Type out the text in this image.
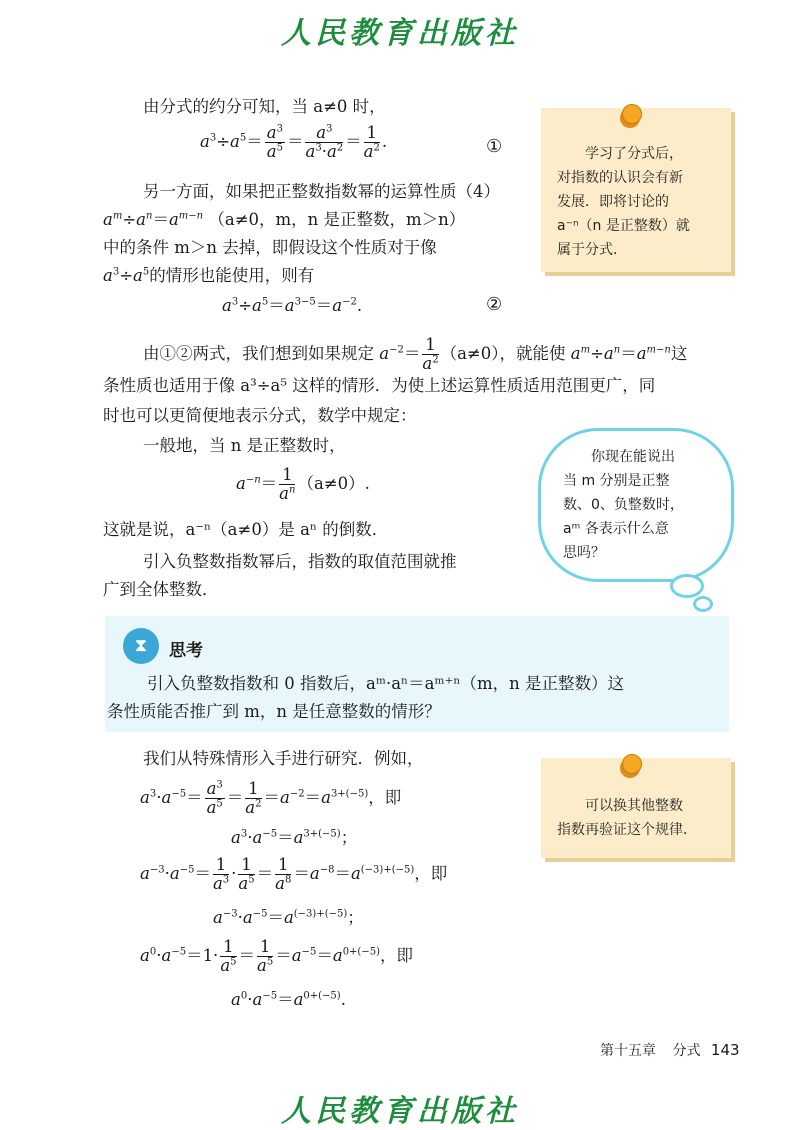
人民教育出版社
由分式的约分可知，当 a≠0 时，
$a^3\div a^5= \frac{a^3}{a^5} = \frac{a^3}{a^3\cdot a^2} = \frac{1}{a^2}$ .	①
另一方面，如果把正整数指数幂的运算性质（4）
$a^m\div a^n=a^{m-n}$ （a≠0，m，n 是正整数，m＞n）
中的条件 m＞n 去掉，即假设这个性质对于像
$a^3\div a^5$的情形也能使用，则有
$a^3\div a^5=a^{3-5}=a^{-2}$.	②
学习了分式后，
对指数的认识会有新
发展．即将讨论的
a⁻ⁿ（n 是正整数）就
属于分式．
由①②两式，我们想到如果规定 $a^{-2}= \frac{1}{a^2} (a\ne 0)$，就能使 $a^m\div a^n=a^{m-n}$这
条性质也适用于像 a³÷a⁵ 这样的情形．为使上述运算性质适用范围更广，同
时也可以更简便地表示分式，数学中规定：
一般地，当 n 是正整数时，
$a^{-n}= \frac{1}{a^n} (a\ne 0)$.
这就是说，a⁻ⁿ（a≠0）是 aⁿ 的倒数．
引入负整数指数幂后，指数的取值范围就推
广到全体整数．
你现在能说出
当 m 分别是正整
数、0、负整数时，
aᵐ 各表示什么意
思吗？
⧗	思考
引入负整数指数和 0 指数后，aᵐ·aⁿ＝aᵐ⁺ⁿ（m，n 是正整数）这
条性质能否推广到 m，n 是任意整数的情形？
我们从特殊情形入手进行研究．例如，
$a^3\cdot a^{-5}= \frac{a^3}{a^5} = \frac{1}{a^2} =a^{-2}=a^{3+(-5)}$，即
$a^3\cdot a^{-5}=a^{3+(-5)}$；
$a^{-3}\cdot a^{-5}= \frac{1}{a^3} \cdot \frac{1}{a^5} = \frac{1}{a^8} =a^{-8}=a^{(-3)+(-5)}$，即
$a^{-3}\cdot a^{-5}=a^{(-3)+(-5)}$；
$a^0\cdot a^{-5}=1\cdot \frac{1}{a^5} = \frac{1}{a^5} =a^{-5}=a^{0+(-5)}$，即
$a^0\cdot a^{-5}=a^{0+(-5)}$.
可以换其他整数
指数再验证这个规律．
第十五章 分式 143
人民教育出版社
